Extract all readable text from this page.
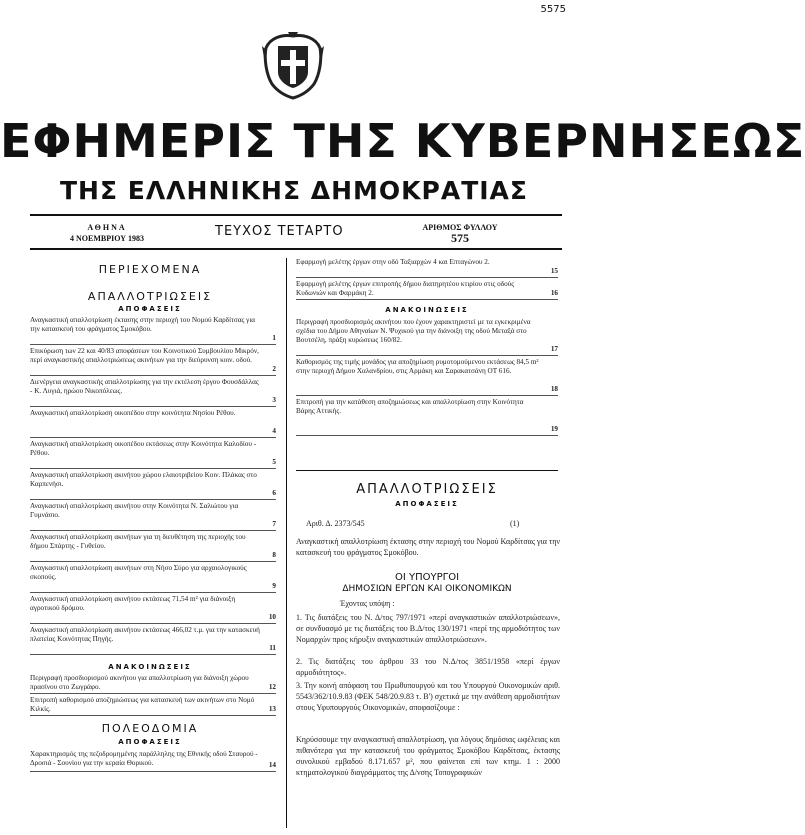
5575
ΕΦΗΜΕΡΙΣ ΤΗΣ ΚΥΒΕΡΝΗΣΕΩΣ
ΤΗΣ ΕΛΛΗΝΙΚΗΣ ΔΗΜΟΚΡΑΤΙΑΣ
ΑΘΗΝΑ
4 ΝΟΕΜΒΡΙΟΥ 1983	ΤΕΥΧΟΣ ΤΕΤΑΡΤΟ	ΑΡΙΘΜΟΣ ΦΥΛΛΟΥ
575
ΠΕΡΙΕΧΟΜΕΝΑ
ΑΠΑΛΛΟΤΡΙΩΣΕΙΣ
ΑΠΟΦΑΣΕΙΣ
Αναγκαστική απαλλοτρίωση έκτασης στην περιοχή του Νομού Καρδίτσας για την κατασκευή του φράγματος Σμοκόβου.
1
Επικύρωση των 22 και 40/83 αποφάσεων του Κοινοτικού Συμβουλίου Μικρόν, περί αναγκαστικής απαλλοτριώσεως ακινήτων για την διεύρυνση κοιν. οδού.
2
Διενέργεια αναγκαστικής απαλλοτρίωσης για την εκτέλεση έργου Φουσδάλλας - Κ. Λυγιά, ηρώου Νικοπόλεως.
3
Αναγκαστική απαλλοτρίωση οικοπέδου στην κοινότητα Νησίου Ρέθου.
4
Αναγκαστική απαλλοτρίωση οικοπέδου εκτάσεως στην Κοινότητα Καλοδίου - Ρέθου.
5
Αναγκαστική απαλλοτρίωση ακινήτου χώρου ελαιοτριβείου Κοιν. Πλάκας στο Καρπενήσι.
6
Αναγκαστική απαλλοτρίωση ακινήτου στην Κοινότητα Ν. Σαλιώτου για Γυμνάσιο.
7
Αναγκαστική απαλλοτρίωση ακινήτων για τη διευθέτηση της περιοχής του δήμου Σπάρτης - Γυθείου.
8
Αναγκαστική απαλλοτρίωση ακινήτων στη Νήσο Σύρο για αρχαιολογικούς σκοπούς.
9
Αναγκαστική απαλλοτρίωση ακινήτου εκτάσεως 71,54 m² για διάνοιξη αγροτικού δρόμου.
10
Αναγκαστική απαλλοτρίωση ακινήτου εκτάσεως 466,02 τ.μ. για την κατασκευή πλατείας Κοινότητας Πηγής.
11
ΑΝΑΚΟΙΝΩΣΕΙΣ
Περιγραφή προσδιορισμού ακινήτου για απαλλοτρίωση για διάνοιξη χώρου πρασίνου στο Ζωγράφο.	12
Επιτροπή καθορισμού αποζημιώσεως για κατασκευή των ακινήτων στο Νομό Κιλκίς.	13
ΠΟΛΕΟΔΟΜΙΑ
ΑΠΟΦΑΣΕΙΣ
Χαρακτηρισμός της πεζοδρομημένης παράλληλης της Εθνικής οδού Σταυρού - Δροσιά - Σουνίου για την κεραία Θορικού.	14
Εφαρμογή μελέτης έργων στην οδό Ταξιαρχών 4 και Επταγώνου 2.
15
Εφαρμογή μελέτης έργων επιτροπής δήμου διατηρητέου κτιρίου στις οδούς Κυδωνιών και Φαρμάκη 2.	16
ΑΝΑΚΟΙΝΩΣΕΙΣ
Περιγραφή προσδιορισμός ακινήτου που έχουν χαρακτηριστεί με τα εγκεκριμένα σχέδια του Δήμου Αθηναίων Ν. Ψυχικού για την διάνοιξη της οδού Μεταξά στο Βουτσέλη, πράξη κυρώσεως 160/82.
17
Καθορισμός της τιμής μονάδος για αποζημίωση ρυμοτομούμενου εκτάσεως 84,5 m² στην περιοχή Δήμου Χαλανδρίου, στις Αρμάκη και Σαρακατσάνη ΟΤ 616.
18
Επιτροπή για την κατάθεση αποζημιώσεως και απαλλοτρίωση στην Κοινότητα Βάρης Αττικής.
19
ΑΠΑΛΛΟΤΡΙΩΣΕΙΣ
ΑΠΟΦΑΣΕΙΣ
Αριθ. Δ. 2373/545	(1)
Αναγκαστική απαλλοτρίωση έκτασης στην περιοχή του Νομού Καρδίτσας για την κατασκευή του φράγματος Σμοκόβου.
ΟΙ ΥΠΟΥΡΓΟΙ
ΔΗΜΟΣΙΩΝ ΕΡΓΩΝ ΚΑΙ ΟΙΚΟΝΟΜΙΚΩΝ
Έχοντας υπόψη :
1. Τις διατάξεις του Ν. Δ/τος 797/1971 «περί αναγκαστικών απαλλοτριώσεων», σε συνδυασμό με τις διατάξεις του Β.Δ/τος 130/1971 «περί της αρμοδιότητος των Νομαρχών προς κήρυξιν αναγκαστικών απαλλοτριώσεων».
2. Τις διατάξεις του άρθρου 33 του Ν.Δ/τος 3851/1958 «περί έργων αρμοδιότητος».
3. Την κοινή απόφαση του Πρωθυπουργού και του Υπουργού Οικονομικών αριθ. 5543/362/10.9.83 (ΦΕΚ 548/20.9.83 τ. Β') σχετικά με την ανάθεση αρμοδιοτήτων στους Υφυπουργούς Οικονομικών, αποφασίζουμε :
Κηρύσσουμε την αναγκαστική απαλλοτρίωση, για λόγους δημόσιας ωφέλειας και πιθανότερα για την κατασκευή του φράγματος Σμοκόβου Καρδίτσας, έκτασης συνολικού εμβαδού 8.171.657 μ², που φαίνεται επί των κτημ. 1 : 2000 κτηματολογικού διαγράμματος της Δ/νσης Τοπογραφικών
